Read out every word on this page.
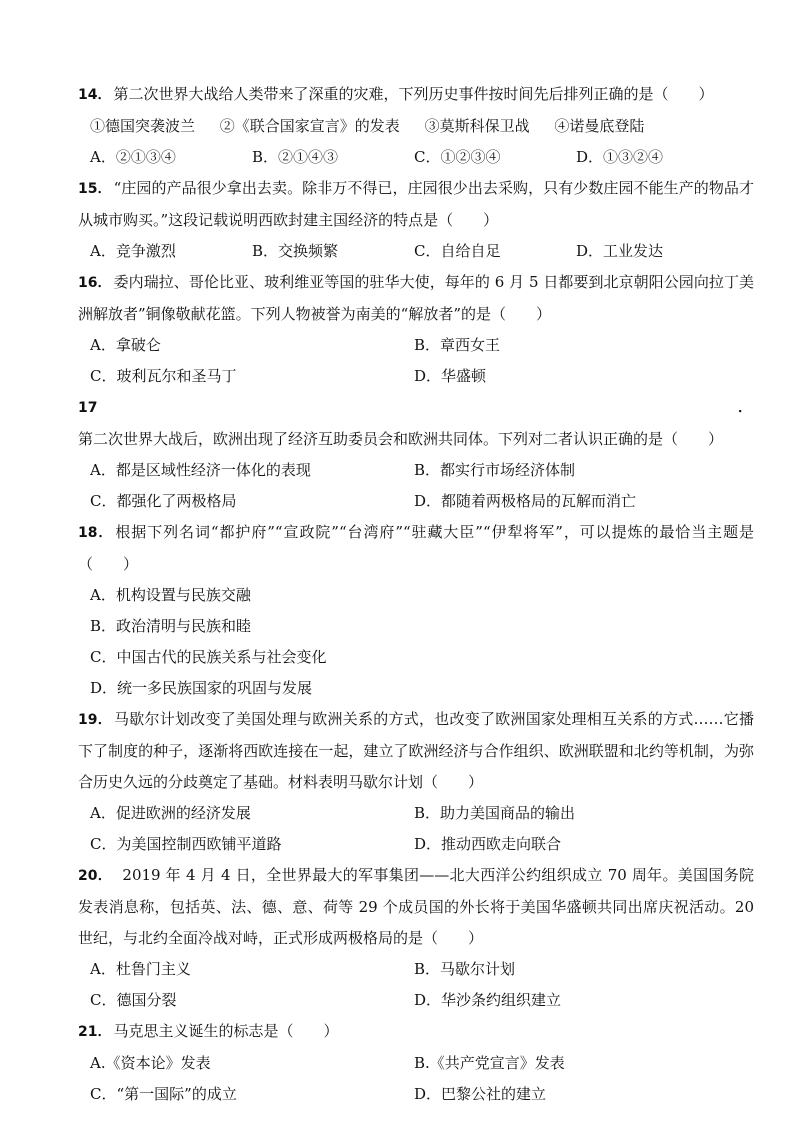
14． 第二次世界大战给人类带来了深重的灾难，下列历史事件按时间先后排列正确的是（　　）

①德国突袭波兰 ②《联合国家宣言》的发表 ③莫斯科保卫战 ④诺曼底登陆
A．②①③④	B．②①④③	C．①②③④	D．①③②④

15． “庄园的产品很少拿出去卖。除非万不得已，庄园很少出去采购，只有少数庄园不能生产的物品才从城市购买。”这段记载说明西欧封建主国经济的特点是（　　）

A．竞争激烈	B．交换频繁	C．自给自足	D．工业发达

16． 委内瑞拉、哥伦比亚、玻利维亚等国的驻华大使，每年的 6 月 5 日都要到北京朝阳公园向拉丁美洲解放者”铜像敬献花篮。下列人物被誉为南美的“解放者”的是（　　）

A．拿破仑	B．章西女王
C．玻利瓦尔和圣马丁	D．华盛顿

17．第二次世界大战后，欧洲出现了经济互助委员会和欧洲共同体。下列对二者认识正确的是（　　）

A．都是区域性经济一体化的表现	B．都实行市场经济体制
C．都强化了两极格局	D．都随着两极格局的瓦解而消亡

18． 根据下列名词“都护府”“宣政院”“台湾府”“驻藏大臣”“伊犁将军”，可以提炼的最恰当主题是（　　）

A．机构设置与民族交融
B．政治清明与民族和睦
C．中国古代的民族关系与社会变化
D．统一多民族国家的巩固与发展

19． 马歇尔计划改变了美国处理与欧洲关系的方式，也改变了欧洲国家处理相互关系的方式……它播下了制度的种子，逐渐将西欧连接在一起，建立了欧洲经济与合作组织、欧洲联盟和北约等机制，为弥合历史久远的分歧奠定了基础。材料表明马歇尔计划（　　）

A．促进欧洲的经济发展	B．助力美国商品的输出
C．为美国控制西欧铺平道路	D．推动西欧走向联合

20．　2019 年 4 月 4 日，全世界最大的军事集团——北大西洋公约组织成立 70 周年。美国国务院发表消息称，包括英、法、德、意、荷等 29 个成员国的外长将于美国华盛顿共同出席庆祝活动。20 世纪，与北约全面冷战对峙，正式形成两极格局的是（　　）

A．杜鲁门主义	B．马歇尔计划
C．德国分裂	D．华沙条约组织建立

21． 马克思主义诞生的标志是（　　）

A.《资本论》发表	B.《共产党宣言》发表
C．“第一国际”的成立	D．巴黎公社的建立
